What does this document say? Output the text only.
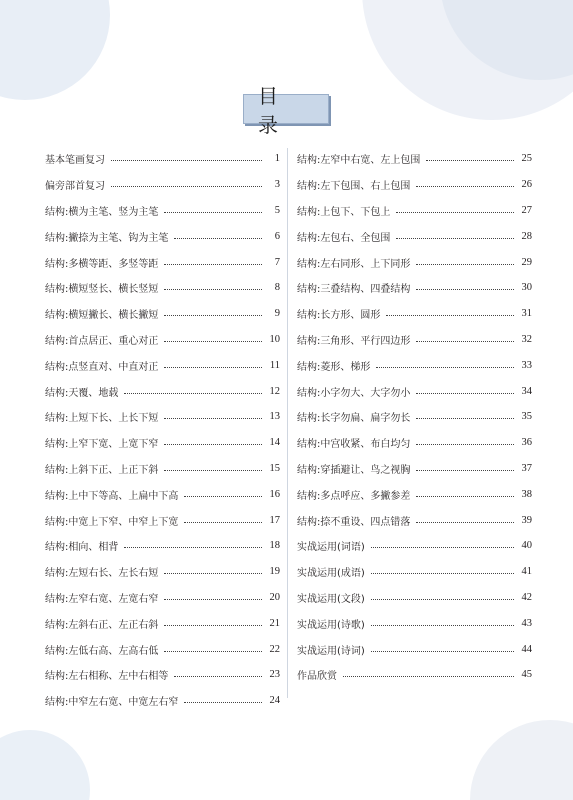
目 录
基本笔画复习	1
偏旁部首复习	3
结构:横为主笔、竖为主笔	5
结构:撇捺为主笔、钩为主笔	6
结构:多横等距、多竖等距	7
结构:横短竖长、横长竖短	8
结构:横短撇长、横长撇短	9
结构:首点居正、重心对正	10
结构:点竖直对、中直对正	11
结构:天覆、地载	12
结构:上短下长、上长下短	13
结构:上窄下宽、上宽下窄	14
结构:上斜下正、上正下斜	15
结构:上中下等高、上扁中下高	16
结构:中宽上下窄、中窄上下宽	17
结构:相向、相背	18
结构:左短右长、左长右短	19
结构:左窄右宽、左宽右窄	20
结构:左斜右正、左正右斜	21
结构:左低右高、左高右低	22
结构:左右相称、左中右相等	23
结构:中窄左右宽、中宽左右窄	24
结构:左窄中右宽、左上包围	25
结构:左下包围、右上包围	26
结构:上包下、下包上	27
结构:左包右、全包围	28
结构:左右同形、上下同形	29
结构:三叠结构、四叠结构	30
结构:长方形、圆形	31
结构:三角形、平行四边形	32
结构:菱形、梯形	33
结构:小字勿大、大字勿小	34
结构:长字勿扁、扁字勿长	35
结构:中宫收紧、布白均匀	36
结构:穿插避让、鸟之视胸	37
结构:多点呼应、多撇参差	38
结构:捺不重设、四点错落	39
实战运用(词语)	40
实战运用(成语)	41
实战运用(文段)	42
实战运用(诗歌)	43
实战运用(诗词)	44
作品欣赏	45
